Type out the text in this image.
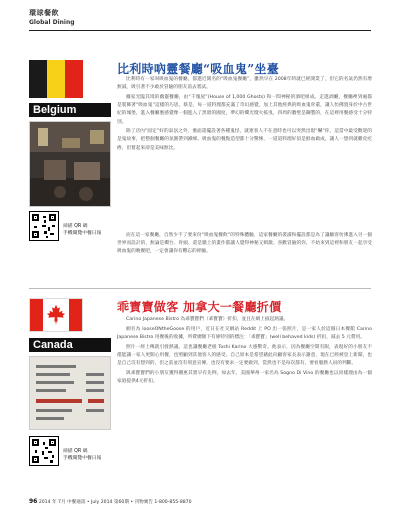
環球餐飲
Global Dining
Belgium
比利時吶靈餐廳“吸血鬼”坐臺

比利時有一家叫吸血鬼的餐廳，都邀近開名的“吸血鬼餐廳”，雖然早在 2008年時就已經開業了，但它的名氣仍然有增無減，吸引著不少敢於冒險的朋友前去嘗試。

據家光臨其境的幽靈餐廳，由“千瑰屋”(House of 1,000 Ghosts) 和一間神秘的酒吧組成。走進酒廳，餐廳裡到處都是裝飾著“吸血鬼”這樣的巧思，蔡是，每一道料理都充滿了奇幻感覺，加上其他經典的吸血鬼骨董，讓人彷佛置身於中古世紀的城堡，進入餐廳裏感覺像一個進入了黑暗的國度，夢幻的燭光燈火搖曳，四周的牆壁是鋼製的，在這裡用餐感受十分特別。

除了店內“固定”好的氣氛之外，裏面還擺設著各種鬼怪，就連客人不在意時也可以突然出現“嚇”你，這當中最受歡迎的是鬼故事，把整個餐廳的氛圍帶到巔峰。吸血鬼的餐點造型都十分驚悚，一道道料理好似是鮮血做成，讓人一想到就雞皮疙瘩，但嘗起來卻是美味無比。

而在這一家餐廳，自然少不了要來份“吸血鬼餐飲”的特殊體驗，這家餐廳的裝潢和擺設都是為了讓顧客彷彿進入另一個世界而設計的，無論是燭台、骨頭、還是牆上的畫作都讓人覺得神秘又刺激。喜歡冒險的你，不妨來到這裡和朋友一起享受吸血鬼的晚餐吧，一定會讓你有難忘的經驗。

掃描 QR 碼
手機閱覽中餐日報
Canada
乖寶寶做客 加拿大一餐廳折價

Carino Japanese Bistro 為乖寶寶們（乖寶寶）折扣，並且在網上披起熱議。

網名為 looseONtheGoose 的用戶，近日在社交網站 Reddit 上 PO 出一張照片，是一家人於這個日本餐館 Carino Japanese Bistro 用餐後的收據，所費總額下有條特別的標注：「乖寶寶」(well behaved kids) 折扣，減去 5 元費用。

照片一經上傳就引發熱議，這也讓餐廳老板 Toshi Karino 大感驚奇。他表示，因為餐廳空間有限，表現好的小朋友不僅能讓一家人更開心用餐，也照顧到其他客人的感受。自己原本是希望藉此向顧客家長表示謝意，現在已經被登上新聞，也是自己沒有想到的，但之前並沒有刻意宣傳，也沒有要求一定要做到，當然也不是每次都有，要看服務人員的判斷。

與乖寶寶們的小朋友獲得優惠其實早有先例，如去年，美國華州一家名為 Sogno Di Vino 的餐廳也以同樣理由為一個家庭提供4元折扣。

掃描 QR 碼
手機閱覽中餐日報
96 2014 年 7月 中餐通訊 • July 2014 第60期 • 刊物廣告 1-800-855-8870
